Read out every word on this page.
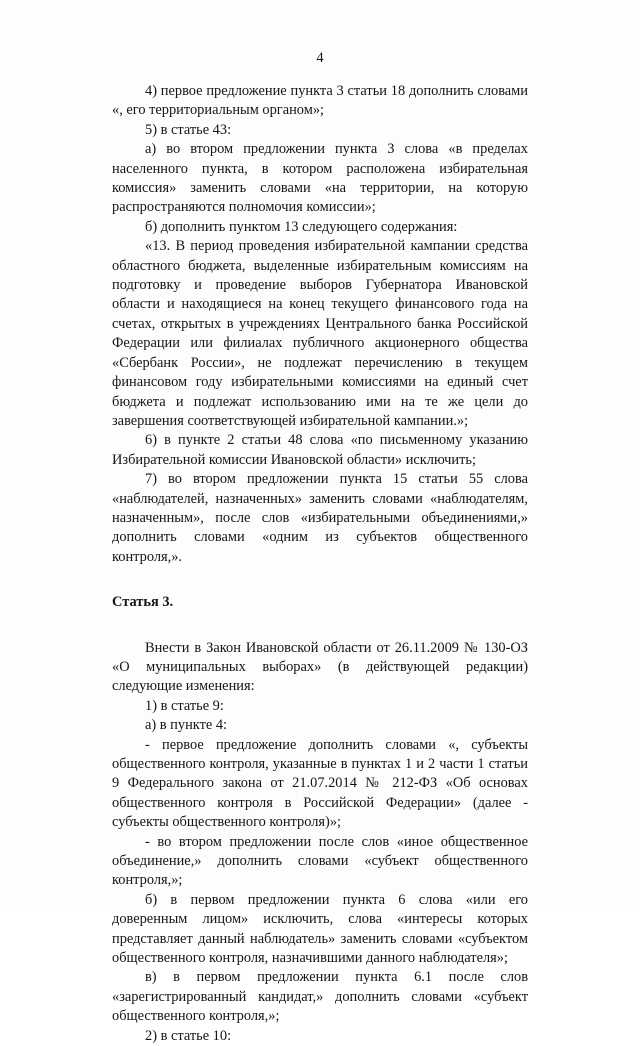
4

4) первое предложение пункта 3 статьи 18 дополнить словами «, его территориальным органом»;

5) в статье 43:

а) во втором предложении пункта 3 слова «в пределах населенного пункта, в котором расположена избирательная комиссия» заменить словами «на территории, на которую распространяются полномочия комиссии»;

б) дополнить пунктом 13 следующего содержания:

«13. В период проведения избирательной кампании средства областного бюджета, выделенные избирательным комиссиям на подготовку и проведение выборов Губернатора Ивановской области и находящиеся на конец текущего финансового года на счетах, открытых в учреждениях Центрального банка Российской Федерации или филиалах публичного акционерного общества «Сбербанк России», не подлежат перечислению в текущем финансовом году избирательными комиссиями на единый счет бюджета и подлежат использованию ими на те же цели до завершения соответствующей избирательной кампании.»;

6) в пункте 2 статьи 48 слова «по письменному указанию Избирательной комиссии Ивановской области» исключить;

7) во втором предложении пункта 15 статьи 55 слова «наблюдателей, назначенных» заменить словами «наблюдателям, назначенным», после слов «избирательными объединениями,» дополнить словами «одним из субъектов общественного контроля,».

Статья 3.

Внести в Закон Ивановской области от 26.11.2009 № 130-ОЗ «О муниципальных выборах» (в действующей редакции) следующие изменения:

1) в статье 9:

а) в пункте 4:

- первое предложение дополнить словами «, субъекты общественного контроля, указанные в пунктах 1 и 2 части 1 статьи 9 Федерального закона от 21.07.2014 № 212-ФЗ «Об основах общественного контроля в Российской Федерации» (далее - субъекты общественного контроля)»;

- во втором предложении после слов «иное общественное объединение,» дополнить словами «субъект общественного контроля,»;

б) в первом предложении пункта 6 слова «или его доверенным лицом» исключить, слова «интересы которых представляет данный наблюдатель» заменить словами «субъектом общественного контроля, назначившими данного наблюдателя»;

в) в первом предложении пункта 6.1 после слов «зарегистрированный кандидат,» дополнить словами «субъект общественного контроля,»;

2) в статье 10:
